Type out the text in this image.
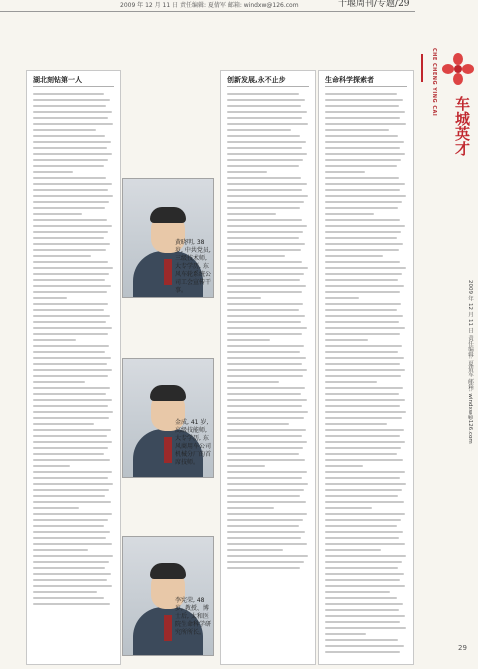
2009 年 12 月 11 日 责任编辑: 夏倩军 邮箱: windxw@126.com	十堰周刊/专题/29
湖北刻钻第一人	创新发展,永不止步
黄晓明, 38 岁, 中共党员, 三级技术师, 大专学历, 东风车轮系统公司工会宣传干事。
金成, 41 岁, 高级技能师, 大专学历, 东风商用车公司机械分厂的首席技师。
李宪荣, 48 岁, 教授、博士后, 太和医院生命科学研究所所长。
生命科学探索者	CHE CHENG YING CAI
车城英才
2009 年 12 月 11 日 责任编辑: 夏倩军 邮箱: windxw@126.com
29
